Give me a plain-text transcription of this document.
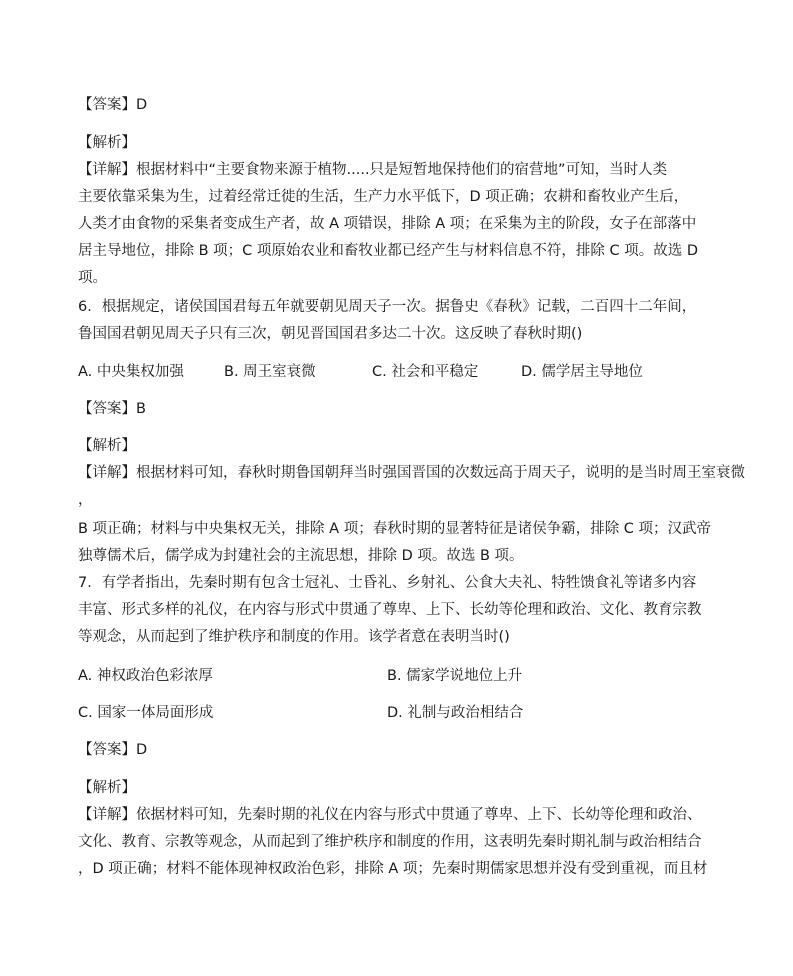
【答案】D
【解析】
【详解】根据材料中“主要食物来源于植物.....只是短暂地保持他们的宿营地”可知，当时人类
主要依靠采集为生，过着经常迁徙的生活，生产力水平低下，D 项正确；农耕和畜牧业产生后，
人类才由食物的采集者变成生产者，故 A 项错误，排除 A 项；在采集为主的阶段，女子在部落中
居主导地位，排除 B 项；C 项原始农业和畜牧业都已经产生与材料信息不符，排除 C 项。故选 D
项。
6．根据规定，诸侯国国君每五年就要朝见周天子一次。据鲁史《春秋》记载，二百四十二年间，
鲁国国君朝见周天子只有三次，朝见晋国国君多达二十次。这反映了春秋时期()
A. 中央集权加强	B. 周王室衰微	C. 社会和平稳定	D. 儒学居主导地位
【答案】B
【解析】
【详解】根据材料可知，春秋时期鲁国朝拜当时强国晋国的次数远高于周天子，说明的是当时周王室衰微
，
B 项正确；材料与中央集权无关，排除 A 项；春秋时期的显著特征是诸侯争霸，排除 C 项；汉武帝
独尊儒术后，儒学成为封建社会的主流思想，排除 D 项。故选 B 项。
7．有学者指出，先秦时期有包含士冠礼、士昏礼、乡射礼、公食大夫礼、特牲馈食礼等诸多内容
丰富、形式多样的礼仪，在内容与形式中贯通了尊卑、上下、长幼等伦理和政治、文化、教育宗教
等观念，从而起到了维护秩序和制度的作用。该学者意在表明当时()
A. 神权政治色彩浓厚	B. 儒家学说地位上升
C. 国家一体局面形成	D. 礼制与政治相结合
【答案】D
【解析】
【详解】依据材料可知，先秦时期的礼仪在内容与形式中贯通了尊卑、上下、长幼等伦理和政治、
文化、教育、宗教等观念，从而起到了维护秩序和制度的作用，这表明先秦时期礼制与政治相结合
，D 项正确；材料不能体现神权政治色彩，排除 A 项；先秦时期儒家思想并没有受到重视，而且材
